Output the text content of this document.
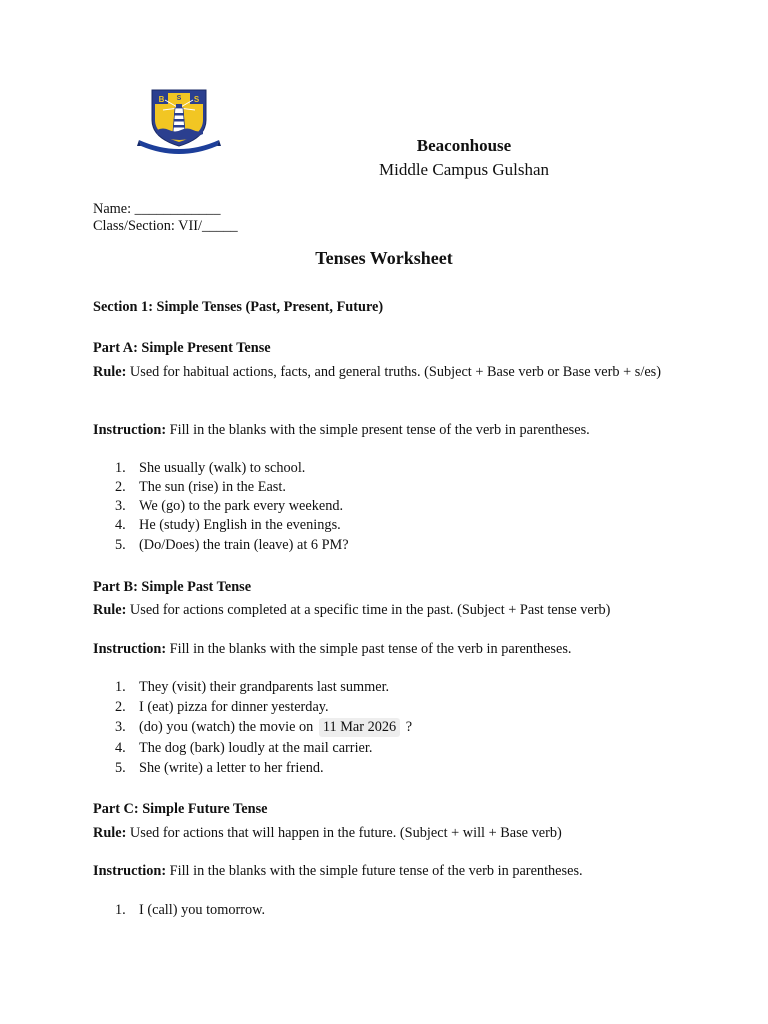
B	S
S
Beaconhouse
Middle Campus Gulshan
Name: ____________
Class/Section: VII/_____
Tenses Worksheet
Section 1: Simple Tenses (Past, Present, Future)
Part A: Simple Present Tense
Rule: Used for habitual actions, facts, and general truths. (Subject + Base verb or Base verb + s/es)
Instruction: Fill in the blanks with the simple present tense of the verb in parentheses.
1. She usually (walk) to school.
2. The sun (rise) in the East.
3. We (go) to the park every weekend.
4. He (study) English in the evenings.
5. (Do/Does) the train (leave) at 6 PM?
Part B: Simple Past Tense
Rule: Used for actions completed at a specific time in the past. (Subject + Past tense verb)
Instruction: Fill in the blanks with the simple past tense of the verb in parentheses.
1. They (visit) their grandparents last summer.
2. I (eat) pizza for dinner yesterday.
3. (do) you (watch) the movie on 11 Mar 2026 ?
4. The dog (bark) loudly at the mail carrier.
5. She (write) a letter to her friend.
Part C: Simple Future Tense
Rule: Used for actions that will happen in the future. (Subject + will + Base verb)
Instruction: Fill in the blanks with the simple future tense of the verb in parentheses.
1. I (call) you tomorrow.
